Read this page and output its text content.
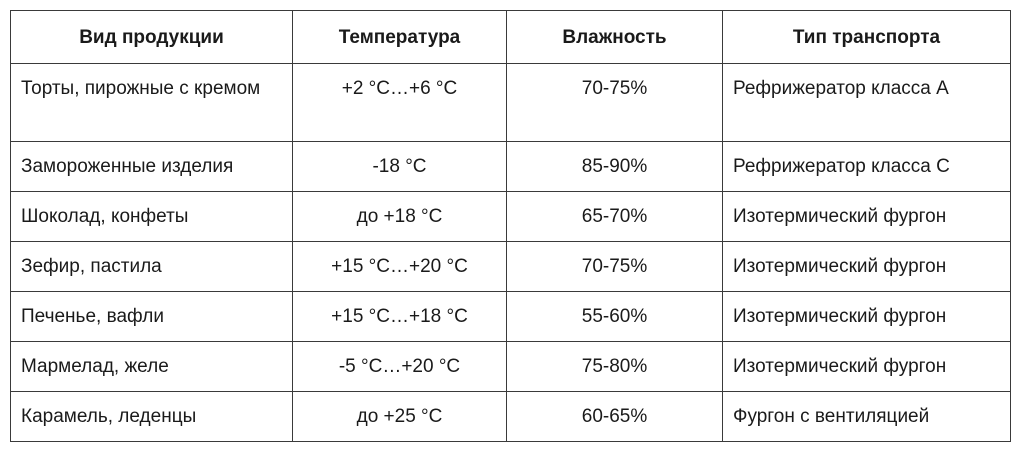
Вид продукции	Температура	Влажность	Тип транспорта
Торты, пирожные с кремом	+2 °C…+6 °C	70-75%	Рефрижератор класса А
Замороженные изделия	-18 °C	85-90%	Рефрижератор класса С
Шоколад, конфеты	до +18 °C	65-70%	Изотермический фургон
Зефир, пастила	+15 °C…+20 °C	70-75%	Изотермический фургон
Печенье, вафли	+15 °C…+18 °C	55-60%	Изотермический фургон
Мармелад, желе	-5 °C…+20 °C	75-80%	Изотермический фургон
Карамель, леденцы	до +25 °C	60-65%	Фургон с вентиляцией
